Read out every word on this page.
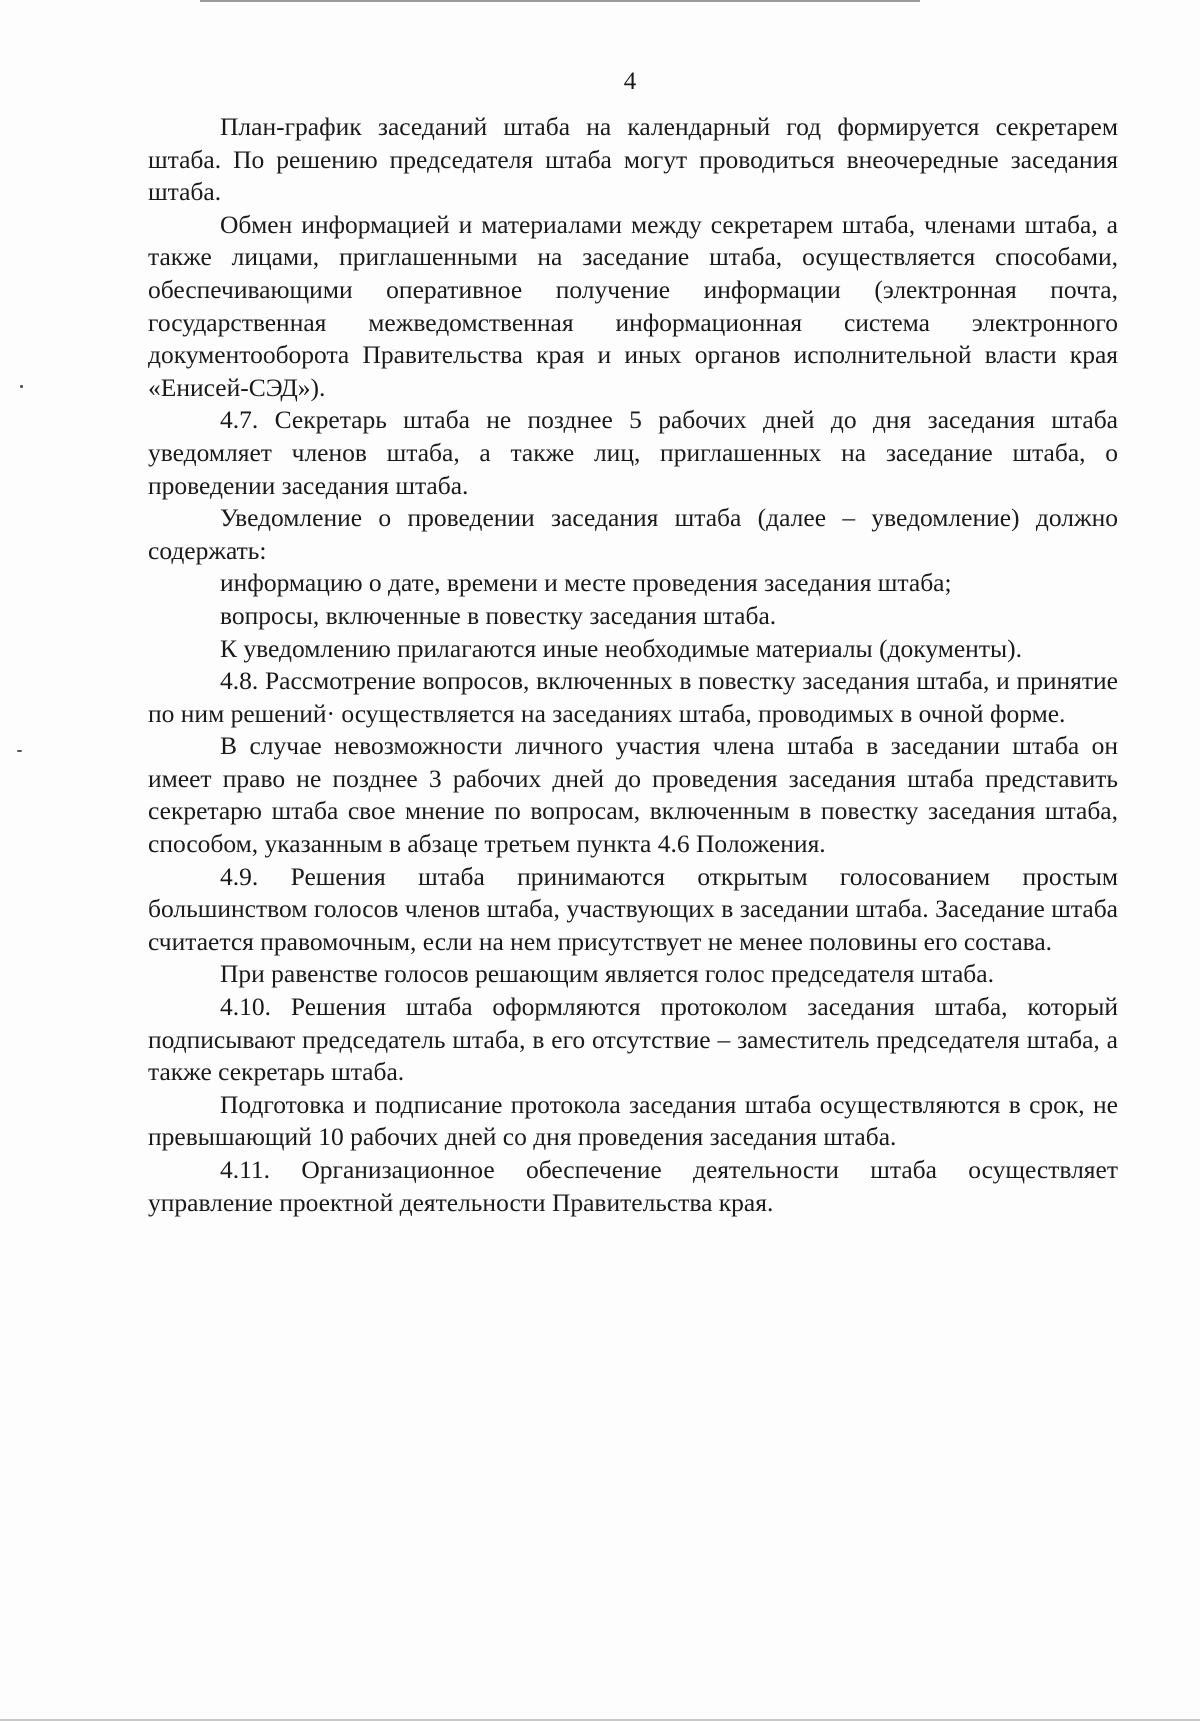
4

План-график заседаний штаба на календарный год формируется секретарем штаба. По решению председателя штаба могут проводиться внеочередные заседания штаба.

Обмен информацией и материалами между секретарем штаба, членами штаба, а также лицами, приглашенными на заседание штаба, осуществляется способами, обеспечивающими оперативное получение информации (электронная почта, государственная межведомственная информационная система электронного документооборота Правительства края и иных органов исполнительной власти края «Енисей-СЭД»).

4.7. Секретарь штаба не позднее 5 рабочих дней до дня заседания штаба уведомляет членов штаба, а также лиц, приглашенных на заседание штаба, о проведении заседания штаба.

Уведомление о проведении заседания штаба (далее – уведомление) должно содержать:

информацию о дате, времени и месте проведения заседания штаба;

вопросы, включенные в повестку заседания штаба.

К уведомлению прилагаются иные необходимые материалы (документы).

4.8. Рассмотрение вопросов, включенных в повестку заседания штаба, и принятие по ним решений· осуществляется на заседаниях штаба, проводимых в очной форме.

В случае невозможности личного участия члена штаба в заседании штаба он имеет право не позднее 3 рабочих дней до проведения заседания штаба представить секретарю штаба свое мнение по вопросам, включенным в повестку заседания штаба, способом, указанным в абзаце третьем пункта 4.6 Положения.

4.9. Решения штаба принимаются открытым голосованием простым большинством голосов членов штаба, участвующих в заседании штаба. Заседание штаба считается правомочным, если на нем присутствует не менее половины его состава.

При равенстве голосов решающим является голос председателя штаба.

4.10. Решения штаба оформляются протоколом заседания штаба, который подписывают председатель штаба, в его отсутствие – заместитель председателя штаба, а также секретарь штаба.

Подготовка и подписание протокола заседания штаба осуществляются в срок, не превышающий 10 рабочих дней со дня проведения заседания штаба.

4.11. Организационное обеспечение деятельности штаба осуществляет управление проектной деятельности Правительства края.
